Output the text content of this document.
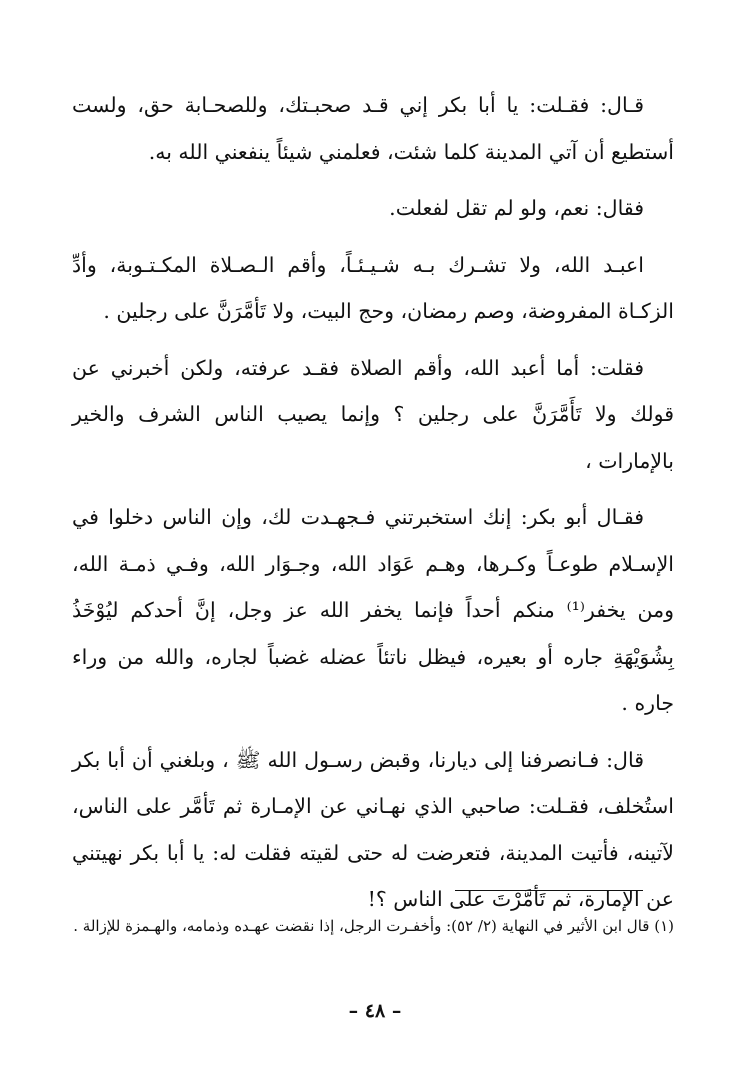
قـال: فقـلت: يا أبا بكر إني قـد صحبـتك، وللصحـابة حق، ولست أستطيع أن آتي المدينة كلما شئت، فعلمني شيئاً ينفعني الله به.

فقال: نعم، ولو لم تقل لفعلت.

اعبـد الله، ولا تشـرك بـه شـيـئـاً، وأقم الـصـلاة المكـتـوبة، وأدِّ الزكـاة المفروضة، وصم رمضان، وحج البيت، ولا تَأمَّرَنَّ على رجلين .

فقلت: أما أعبد الله، وأقم الصلاة فقـد عرفته، ولكن أخبرني عن قولك ولا تَأَمَّرَنَّ على رجلين ؟ وإنما يصيب الناس الشرف والخير بالإمارات ،

فقـال أبو بكر: إنك استخبرتني فـجهـدت لك، وإن الناس دخلوا في الإسـلام طوعـاً وكـرها، وهـم عَوَاد الله، وجـوَار الله، وفـي ذمـة الله، ومن يخفر⁽¹⁾ منكم أحداً فإنما يخفر الله عز وجل، إنَّ أحدكم ليُوْخَذُ بِشُوَيْهَةِ جاره أو بعيره، فيظل ناتئاً عضله غضباً لجاره، والله من وراء جاره .

قال: فـانصرفنا إلى ديارنا، وقبض رسـول الله ﷺ ، وبلغني أن أبا بكر استُخلف، فقـلت: صاحبي الذي نهـاني عن الإمـارة ثم تَأمَّر على الناس، لآتينه، فأتيت المدينة، فتعرضت له حتى لقيته فقلت له: يا أبا بكر نهيتني عن الإمارة، ثم تَأمَّرْتَ على الناس ؟!

(١) قال ابن الأثير في النهاية (٢/ ٥٢): وأخفـرت الرجل، إذا نقضت عهـده وذمامه، والهـمزة للإزالة .

– ٤٨ –
